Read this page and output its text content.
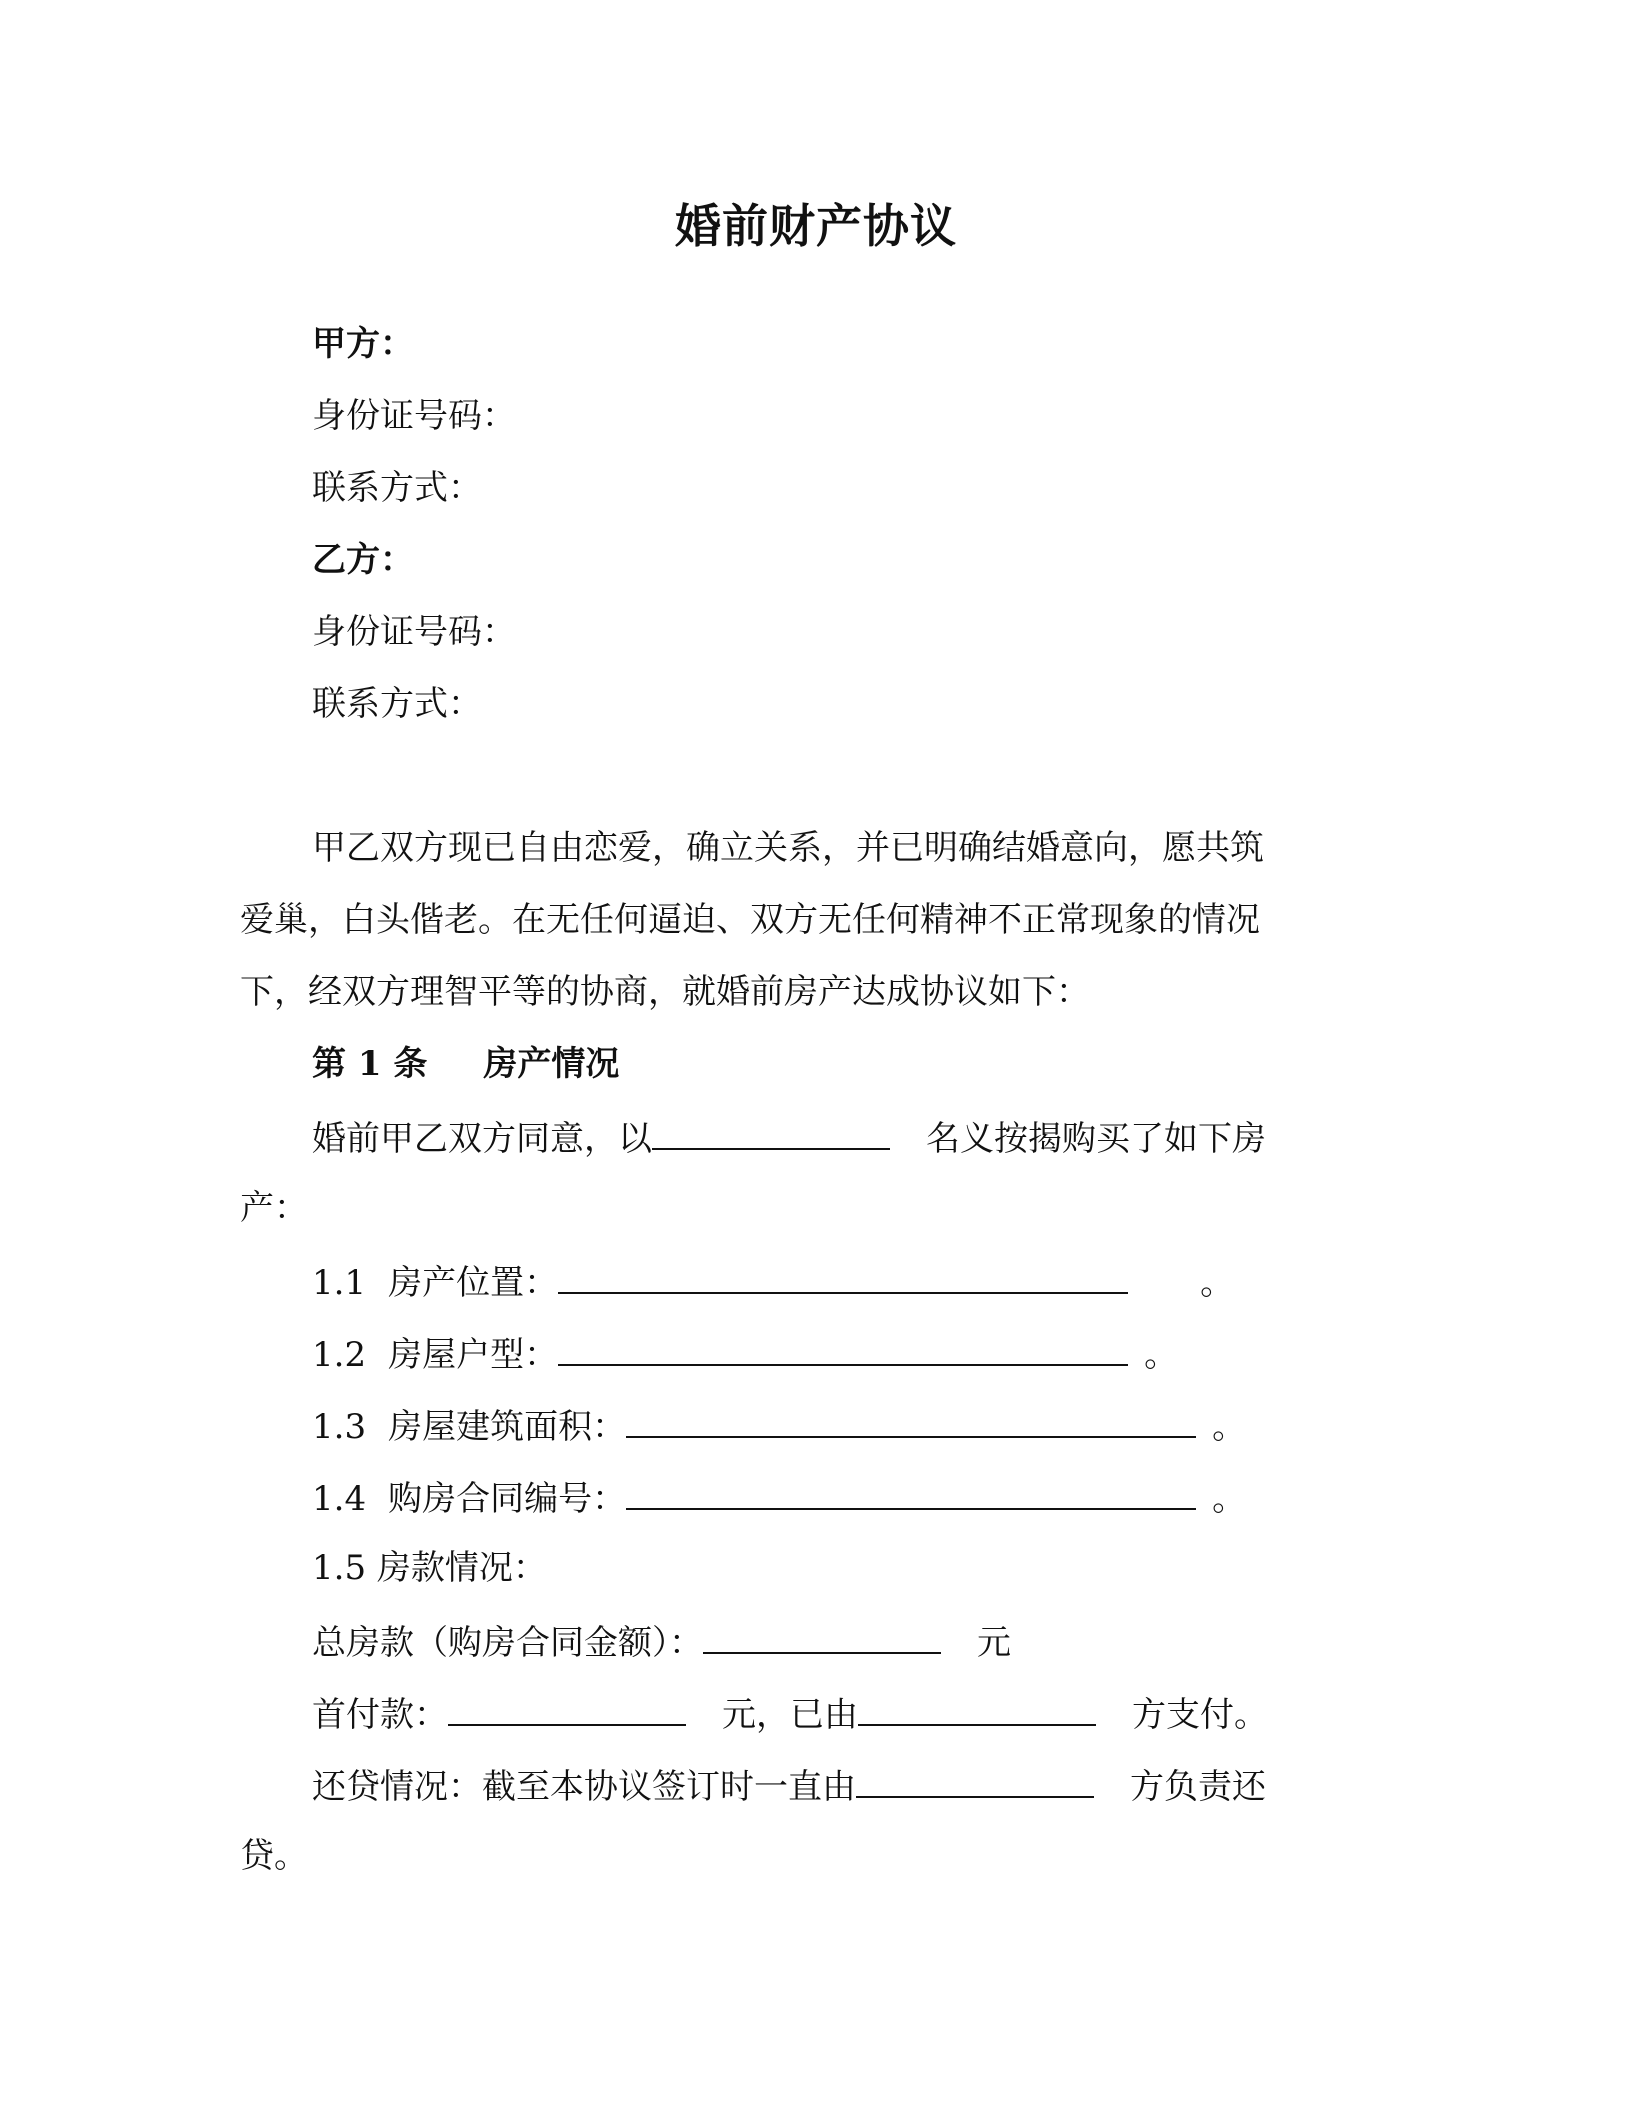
婚前财产协议
甲方：
身份证号码：
联系方式：
乙方：
身份证号码：
联系方式：
甲乙双方现已自由恋爱，确立关系，并已明确结婚意向，愿共筑
爱巢，白头偕老。在无任何逼迫、双方无任何精神不正常现象的情况
下，经双方理智平等的协商，就婚前房产达成协议如下：
第 1 条 房产情况
婚前甲乙双方同意，以	名义按揭购买了如下房
产：
1.1 房产位置：	。
1.2 房屋户型：	。
1.3 房屋建筑面积：	。
1.4 购房合同编号：	。
1.5 房款情况：
总房款（购房合同金额）：	元
首付款：	元，已由	方支付。
还贷情况：截至本协议签订时一直由	方负责还
贷。
